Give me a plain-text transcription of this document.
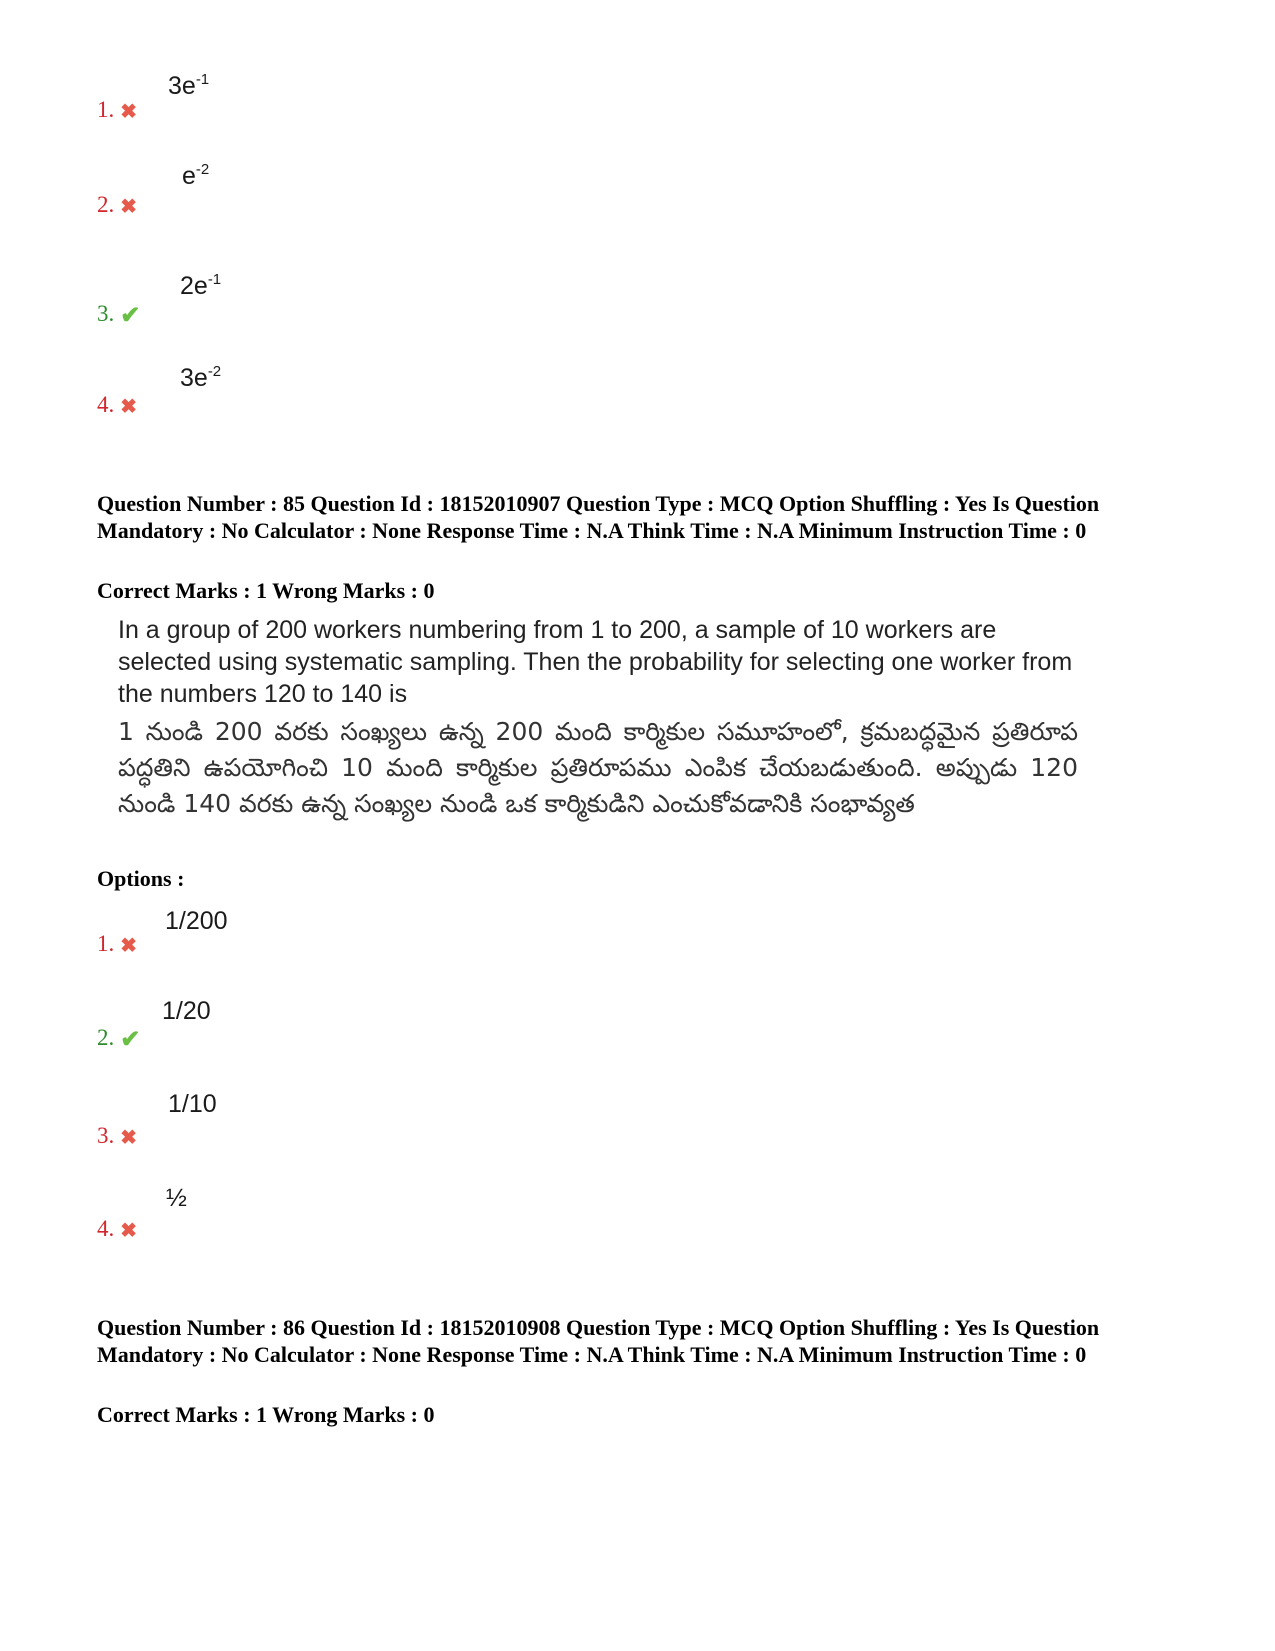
$3e^{-1}$
1. ✖
$e^{-2}$
2. ✖
$2e^{-1}$
3. ✔
$3e^{-2}$
4. ✖
Question Number : 85 Question Id : 18152010907 Question Type : MCQ Option Shuffling : Yes Is Question Mandatory : No Calculator : None Response Time : N.A Think Time : N.A Minimum Instruction Time : 0
Correct Marks : 1 Wrong Marks : 0
In a group of 200 workers numbering from 1 to 200, a sample of 10 workers are selected using systematic sampling. Then the probability for selecting one worker from the numbers 120 to 140 is
1 నుండి 200 వరకు సంఖ్యలు ఉన్న 200 మంది కార్మికుల సమూహంలో, క్రమబద్ధమైన ప్రతిరూప పద్ధతిని ఉపయోగించి 10 మంది కార్మికుల ప్రతిరూపము ఎంపిక చేయబడుతుంది. అప్పుడు 120 నుండి 140 వరకు ఉన్న సంఖ్యల నుండి ఒక కార్మికుడిని ఎంచుకోవడానికి సంభావ్యత
Options :
1/200
1. ✖
1/20
2. ✔
1/10
3. ✖
½
4. ✖
Question Number : 86 Question Id : 18152010908 Question Type : MCQ Option Shuffling : Yes Is Question Mandatory : No Calculator : None Response Time : N.A Think Time : N.A Minimum Instruction Time : 0
Correct Marks : 1 Wrong Marks : 0
